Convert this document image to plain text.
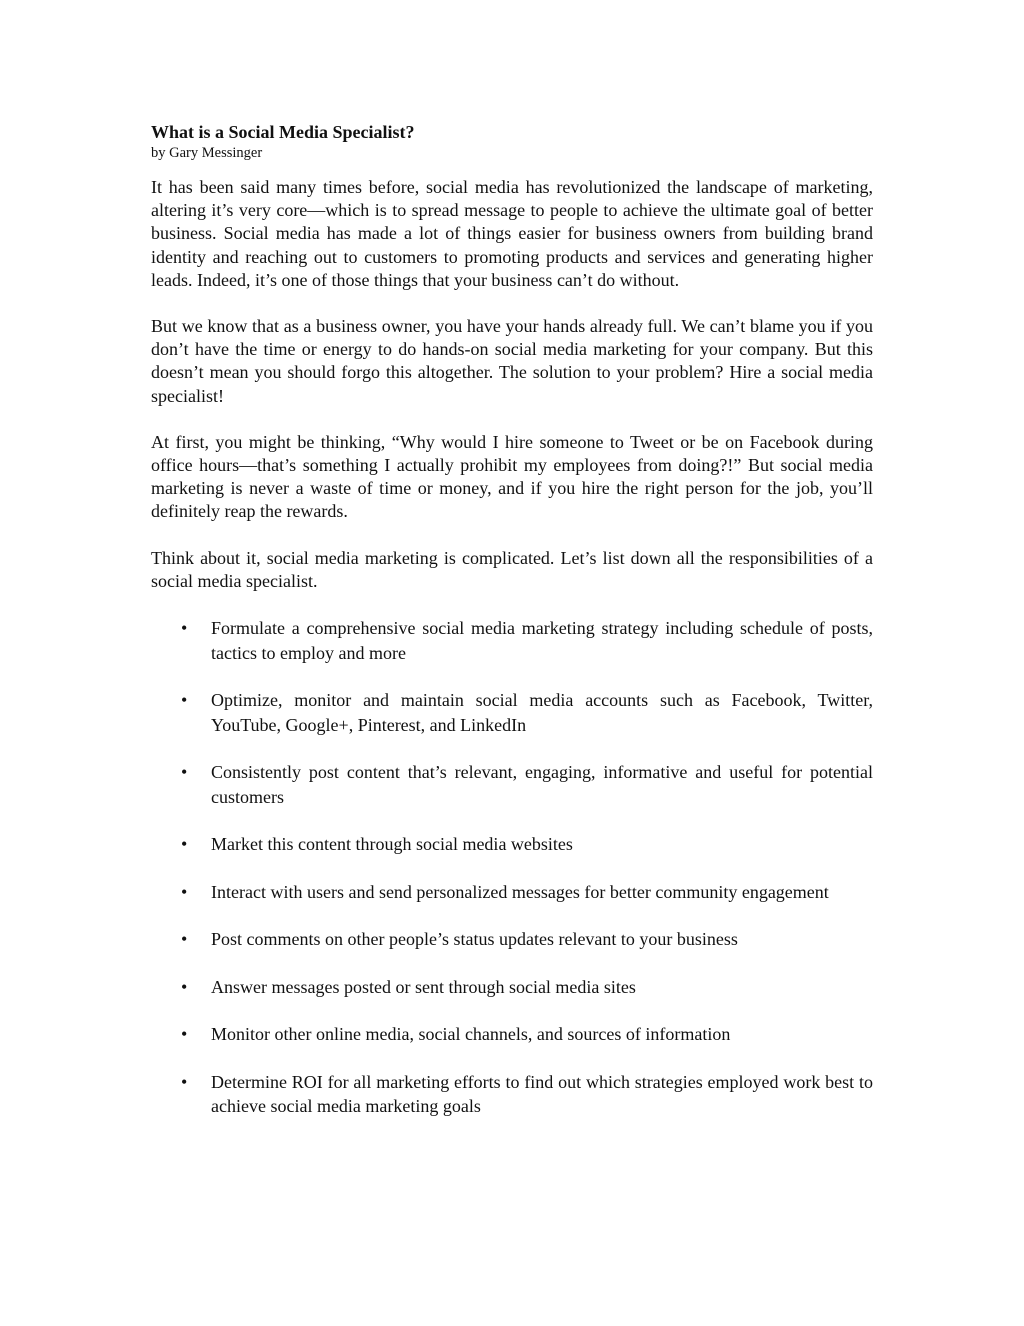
What is a Social Media Specialist?

by Gary Messinger

It has been said many times before, social media has revolutionized the landscape of marketing, altering it’s very core—which is to spread message to people to achieve the ultimate goal of better business. Social media has made a lot of things easier for business owners from building brand identity and reaching out to customers to promoting products and services and generating higher leads. Indeed, it’s one of those things that your business can’t do without.

But we know that as a business owner, you have your hands already full. We can’t blame you if you don’t have the time or energy to do hands-on social media marketing for your company. But this doesn’t mean you should forgo this altogether. The solution to your problem? Hire a social media specialist!

At first, you might be thinking, “Why would I hire someone to Tweet or be on Facebook during office hours—that’s something I actually prohibit my employees from doing?!” But social media marketing is never a waste of time or money, and if you hire the right person for the job, you’ll definitely reap the rewards.

Think about it, social media marketing is complicated. Let’s list down all the responsibilities of a social media specialist.

• Formulate a comprehensive social media marketing strategy including schedule of posts, tactics to employ and more
• Optimize, monitor and maintain social media accounts such as Facebook, Twitter, YouTube, Google+, Pinterest, and LinkedIn
• Consistently post content that’s relevant, engaging, informative and useful for potential customers
• Market this content through social media websites
• Interact with users and send personalized messages for better community engagement
• Post comments on other people’s status updates relevant to your business
• Answer messages posted or sent through social media sites
• Monitor other online media, social channels, and sources of information
• Determine ROI for all marketing efforts to find out which strategies employed work best to achieve social media marketing goals
